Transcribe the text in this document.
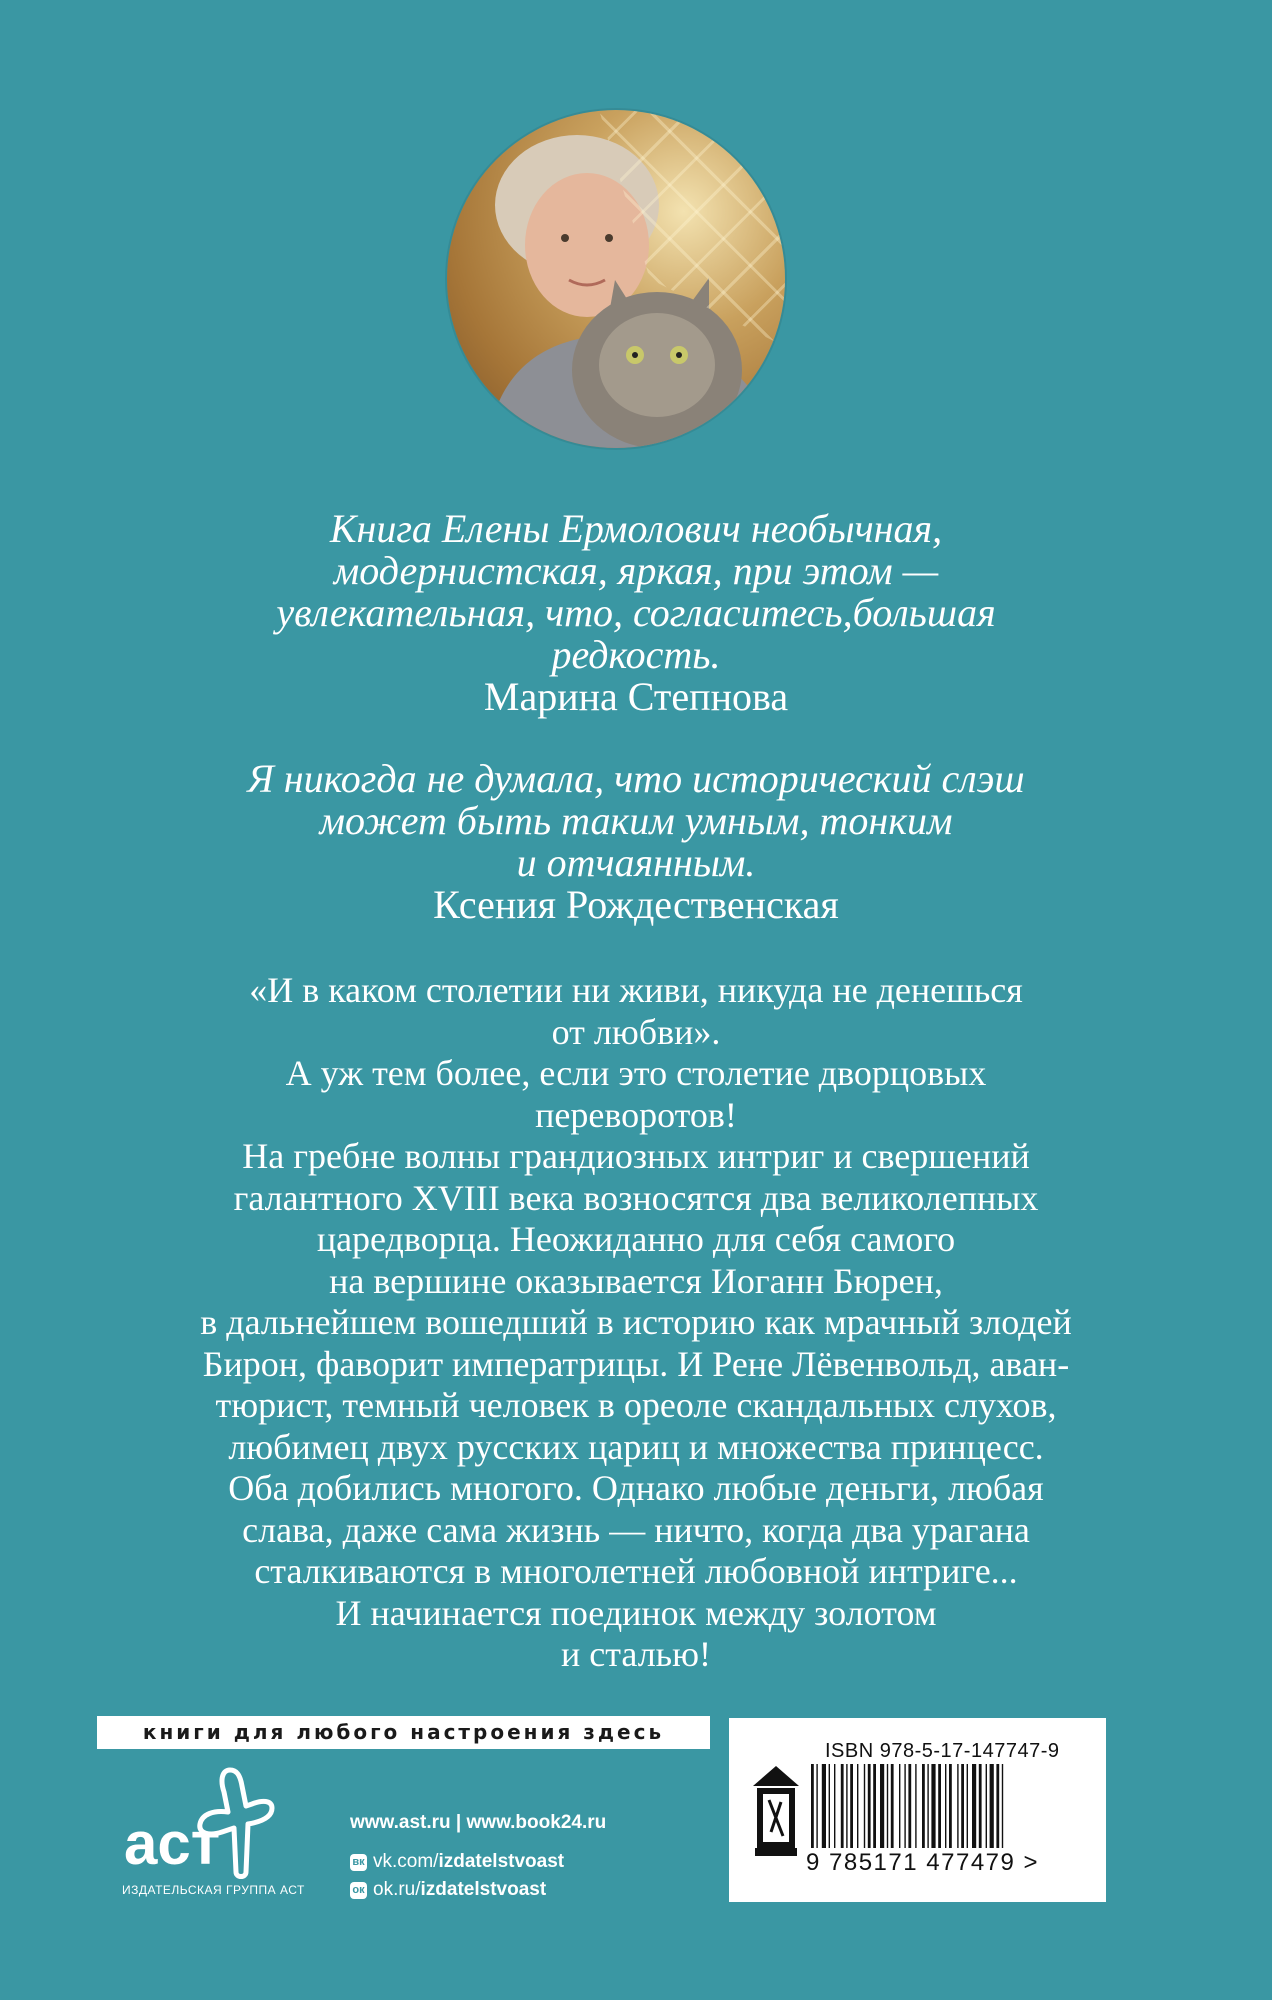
Книга Елены Ермолович необычная,
модернистская, яркая, при этом —
увлекательная, что, согласитесь,большая
редкость.

Марина Степнова

Я никогда не думала, что исторический слэш
может быть таким умным, тонким
и отчаянным.

Ксения Рождественская

«И в каком столетии ни живи, никуда не денешься
от любви».
А уж тем более, если это столетие дворцовых
переворотов!
На гребне волны грандиозных интриг и свершений
галантного XVIII века возносятся два великолепных
царедворца. Неожиданно для себя самого
на вершине оказывается Иоганн Бюрен,
в дальнейшем вошедший в историю как мрачный злодей
Бирон, фаворит императрицы. И Рене Лёвенвольд, аван-
тюрист, темный человек в ореоле скандальных слухов,
любимец двух русских цариц и множества принцесс.
Оба добились многого. Однако любые деньги, любая
слава, даже сама жизнь — ничто, когда два урагана
сталкиваются в многолетней любовной интриге...
И начинается поединок между золотом
и сталью!

книги для любого настроения здесь
аст
ИЗДАТЕЛЬСКАЯ ГРУППА АСТ
www.ast.ru | www.book24.ru
вк vk.com/ izdatelstvoast
ок ok.ru/ izdatelstvoast
ISBN 978-5-17-147747-9
9 785171 477479 >
